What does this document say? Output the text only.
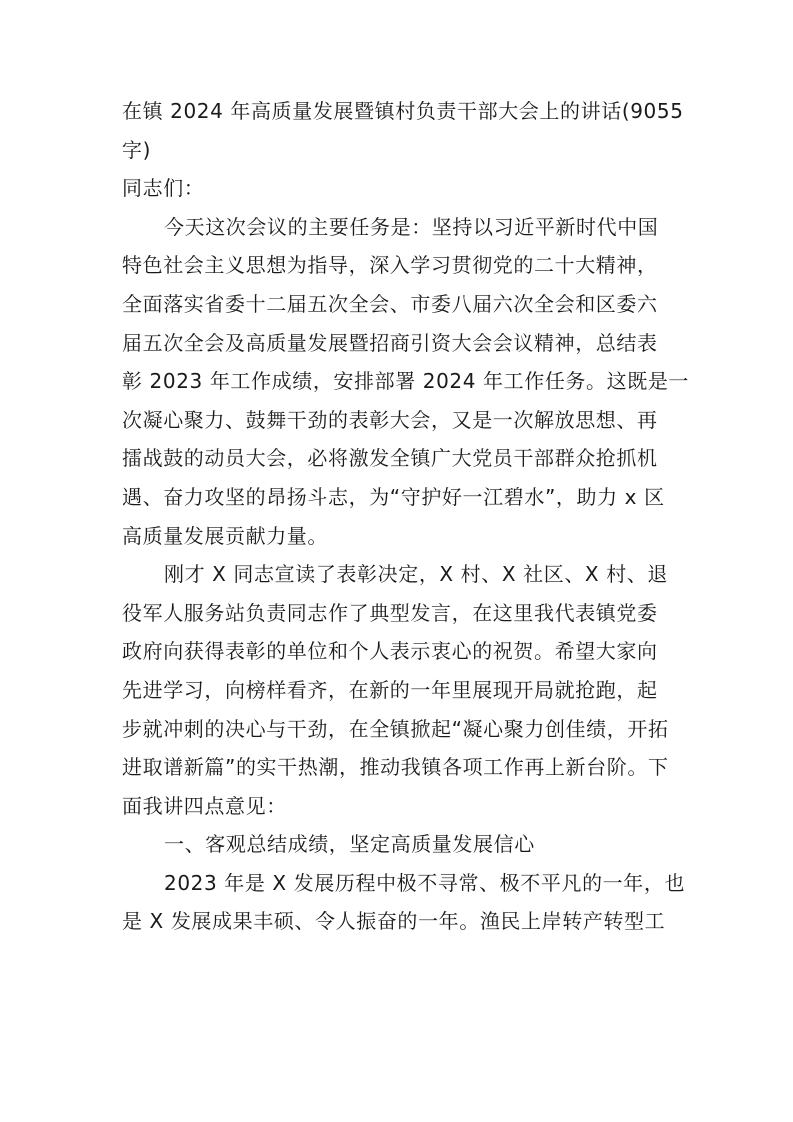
在镇 2024 年高质量发展暨镇村负责干部大会上的讲话(9055
字)
同志们：
今天这次会议的主要任务是：坚持以习近平新时代中国
特色社会主义思想为指导，深入学习贯彻党的二十大精神，
全面落实省委十二届五次全会、市委八届六次全会和区委六
届五次全会及高质量发展暨招商引资大会会议精神，总结表
彰 2023 年工作成绩，安排部署 2024 年工作任务。这既是一
次凝心聚力、鼓舞干劲的表彰大会，又是一次解放思想、再
擂战鼓的动员大会，必将激发全镇广大党员干部群众抢抓机
遇、奋力攻坚的昂扬斗志，为“守护好一江碧水”，助力 x 区
高质量发展贡献力量。
刚才 X 同志宣读了表彰决定，X 村、X 社区、X 村、退
役军人服务站负责同志作了典型发言，在这里我代表镇党委
政府向获得表彰的单位和个人表示衷心的祝贺。希望大家向
先进学习，向榜样看齐，在新的一年里展现开局就抢跑，起
步就冲刺的决心与干劲，在全镇掀起“凝心聚力创佳绩，开拓
进取谱新篇”的实干热潮，推动我镇各项工作再上新台阶。下
面我讲四点意见：
一、客观总结成绩，坚定高质量发展信心
2023 年是 X 发展历程中极不寻常、极不平凡的一年，也
是 X 发展成果丰硕、令人振奋的一年。渔民上岸转产转型工
